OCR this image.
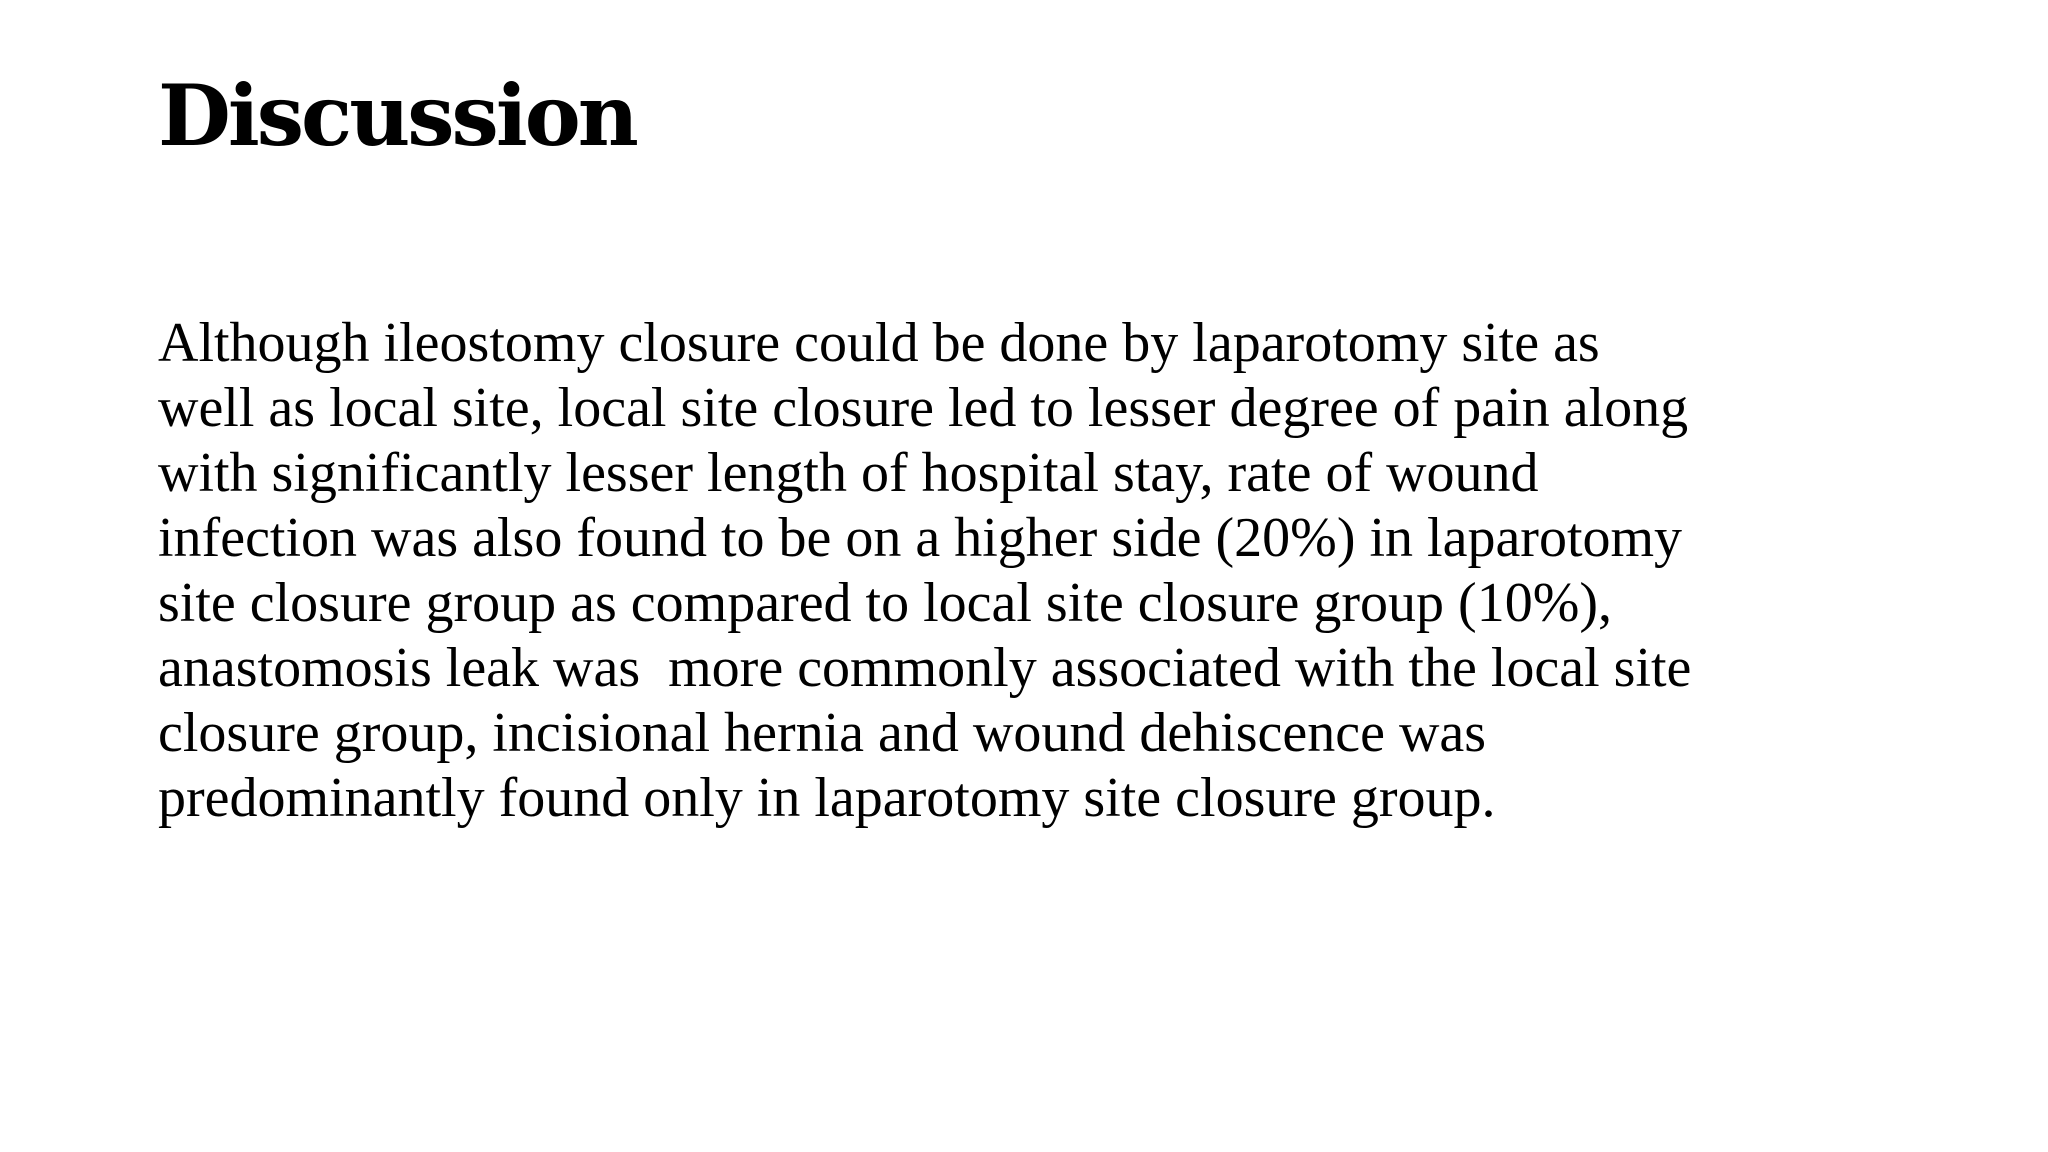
Discussion

Although ileostomy closure could be done by laparotomy site as
well as local site, local site closure led to lesser degree of pain along
with significantly lesser length of hospital stay, rate of wound
infection was also found to be on a higher side (20%) in laparotomy
site closure group as compared to local site closure group (10%),
anastomosis leak was  more commonly associated with the local site
closure group, incisional hernia and wound dehiscence was
predominantly found only in laparotomy site closure group.
